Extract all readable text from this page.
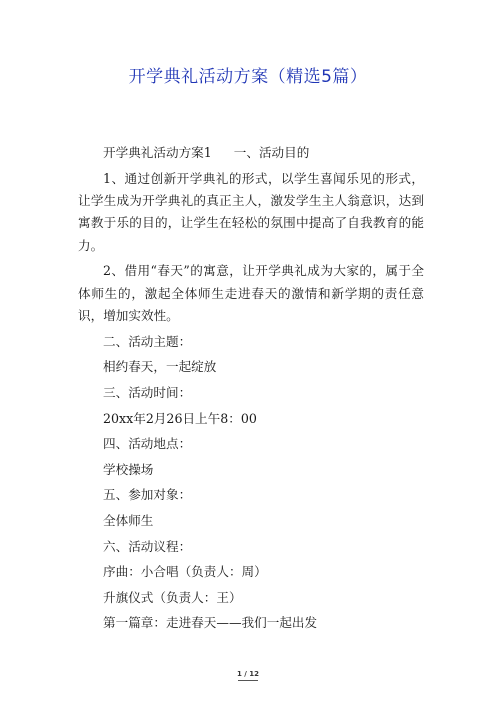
开学典礼活动方案（精选5篇）

开学典礼活动方案1 一、活动目的

1、通过创新开学典礼的形式，以学生喜闻乐见的形式，让学生成为开学典礼的真正主人，激发学生主人翁意识，达到寓教于乐的目的，让学生在轻松的氛围中提高了自我教育的能力。

2、借用“春天”的寓意，让开学典礼成为大家的，属于全体师生的，激起全体师生走进春天的激情和新学期的责任意识，增加实效性。

二、活动主题：

相约春天，一起绽放

三、活动时间：

20xx年2月26日上午8：00

四、活动地点：

学校操场

五、参加对象：

全体师生

六、活动议程：

序曲：小合唱（负责人：周）

升旗仪式（负责人：王）

第一篇章：走进春天——我们一起出发

1 / 12
